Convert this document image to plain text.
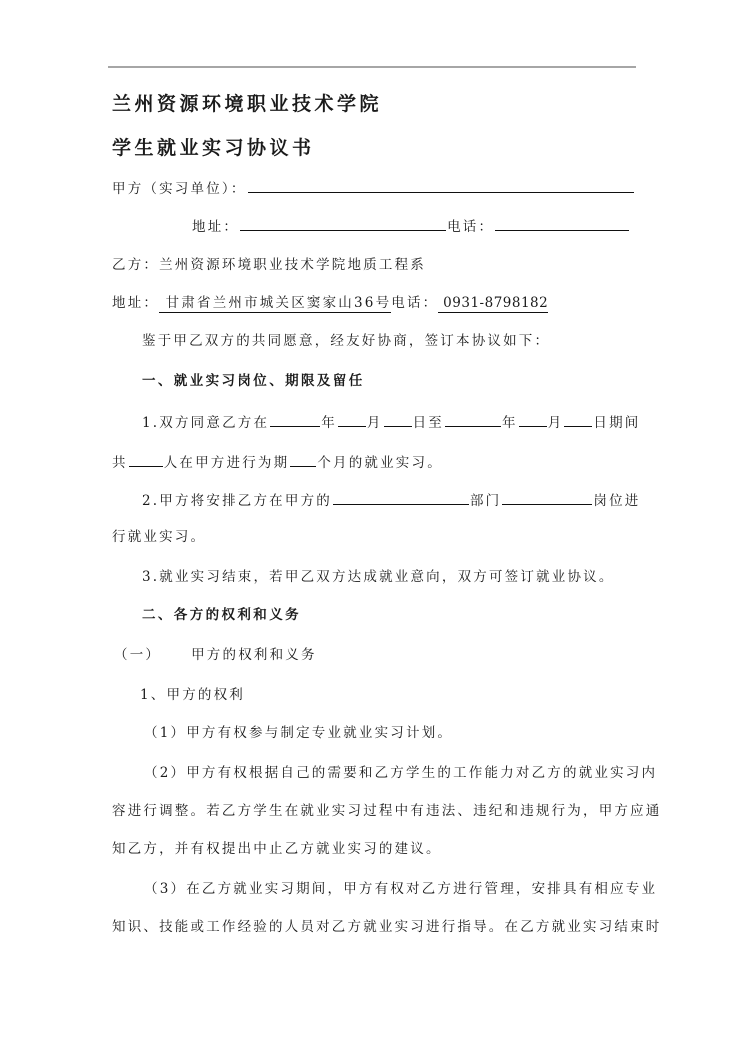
兰州资源环境职业技术学院
学生就业实习协议书
甲方（实习单位）：
地址：	电话：
乙方：兰州资源环境职业技术学院地质工程系
地址： 甘肃省兰州市城关区窦家山36号电话： 0931-8798182
鉴于甲乙双方的共同愿意，经友好协商，签订本协议如下：
一、就业实习岗位、期限及留任
1.双方同意乙方在	年 月 日至	年 月 日期间
共	人在甲方进行为期 个月的就业实习。
2.甲方将安排乙方在甲方的	部门	岗位进
行就业实习。
3.就业实习结束，若甲乙双方达成就业意向，双方可签订就业协议。
二、各方的权利和义务
（一） 甲方的权利和义务
1、甲方的权利
（1）甲方有权参与制定专业就业实习计划。
（2）甲方有权根据自己的需要和乙方学生的工作能力对乙方的就业实习内
容进行调整。若乙方学生在就业实习过程中有违法、违纪和违规行为，甲方应通
知乙方，并有权提出中止乙方就业实习的建议。
（3）在乙方就业实习期间，甲方有权对乙方进行管理，安排具有相应专业
知识、技能或工作经验的人员对乙方就业实习进行指导。在乙方就业实习结束时
